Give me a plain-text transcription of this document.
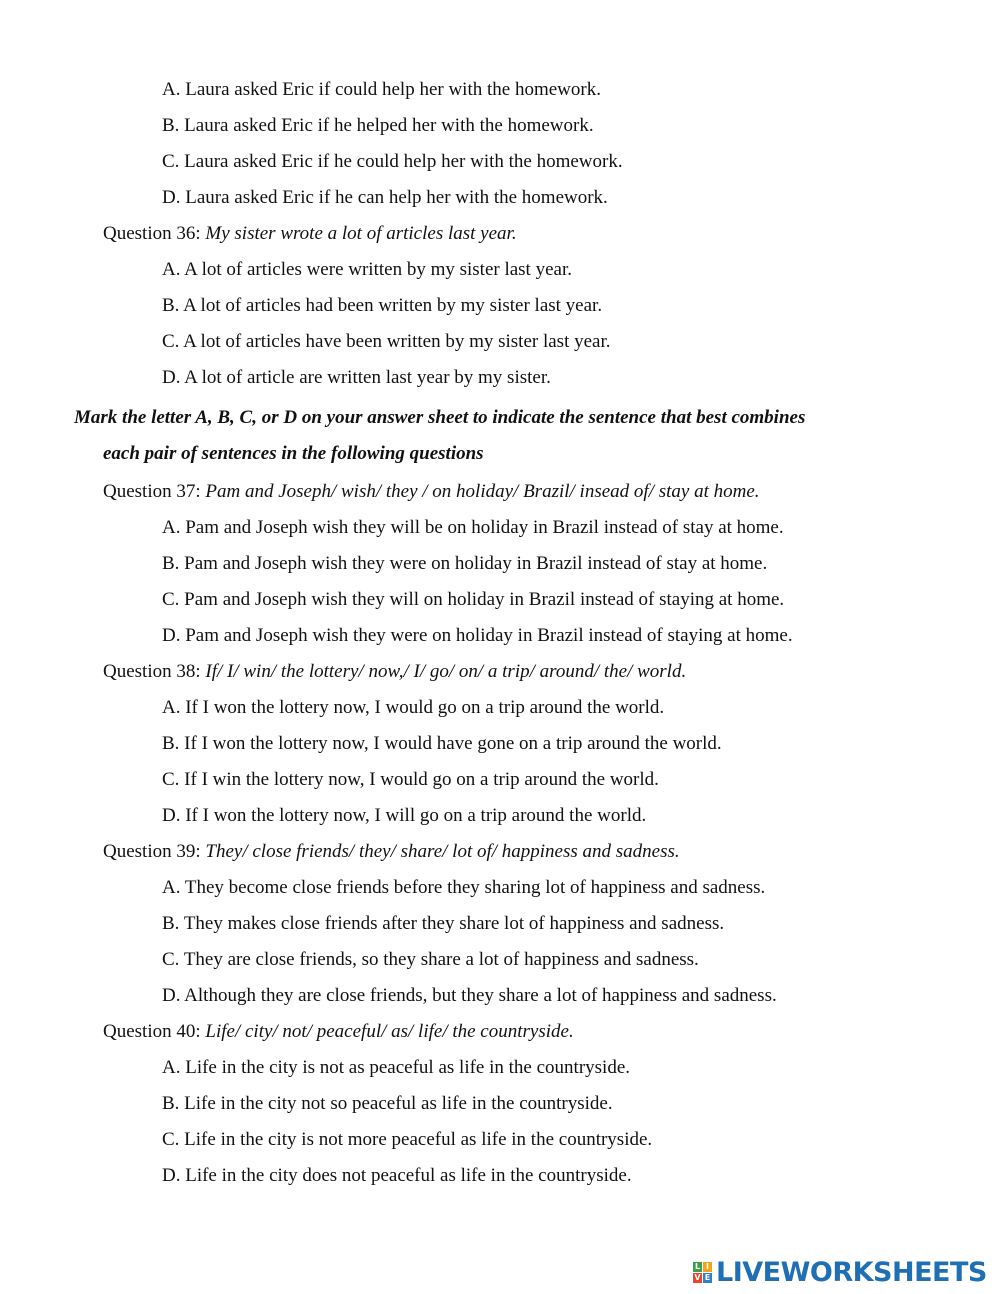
A. Laura asked Eric if could help her with the homework.
B. Laura asked Eric if he helped her with the homework.
C. Laura asked Eric if he could help her with the homework.
D. Laura asked Eric if he can help her with the homework.
Question 36: My sister wrote a lot of articles last year.
A. A lot of articles were written by my sister last year.
B. A lot of articles had been written by my sister last year.
C. A lot of articles have been written by my sister last year.
D. A lot of article are written last year by my sister.
Mark the letter A, B, C, or D on your answer sheet to indicate the sentence that best combines
each pair of sentences in the following questions
Question 37: Pam and Joseph/ wish/ they / on holiday/ Brazil/ insead of/ stay at home.
A. Pam and Joseph wish they will be on holiday in Brazil instead of stay at home.
B. Pam and Joseph wish they were on holiday in Brazil instead of stay at home.
C. Pam and Joseph wish they will on holiday in Brazil instead of staying at home.
D. Pam and Joseph wish they were on holiday in Brazil instead of staying at home.
Question 38: If/ I/ win/ the lottery/ now,/ I/ go/ on/ a trip/ around/ the/ world.
A. If I won the lottery now, I would go on a trip around the world.
B. If I won the lottery now, I would have gone on a trip around the world.
C. If I win the lottery now, I would go on a trip around the world.
D. If I won the lottery now, I will go on a trip around the world.
Question 39: They/ close friends/ they/ share/ lot of/ happiness and sadness.
A. They become close friends before they sharing lot of happiness and sadness.
B. They makes close friends after they share lot of happiness and sadness.
C. They are close friends, so they share a lot of happiness and sadness.
D. Although they are close friends, but they share a lot of happiness and sadness.
Question 40: Life/ city/ not/ peaceful/ as/ life/ the countryside.
A. Life in the city is not as peaceful as life in the countryside.
B. Life in the city not so peaceful as life in the countryside.
C. Life in the city is not more peaceful as life in the countryside.
D. Life in the city does not peaceful as life in the countryside.
L I
V E LIVEWORKSHEETS
